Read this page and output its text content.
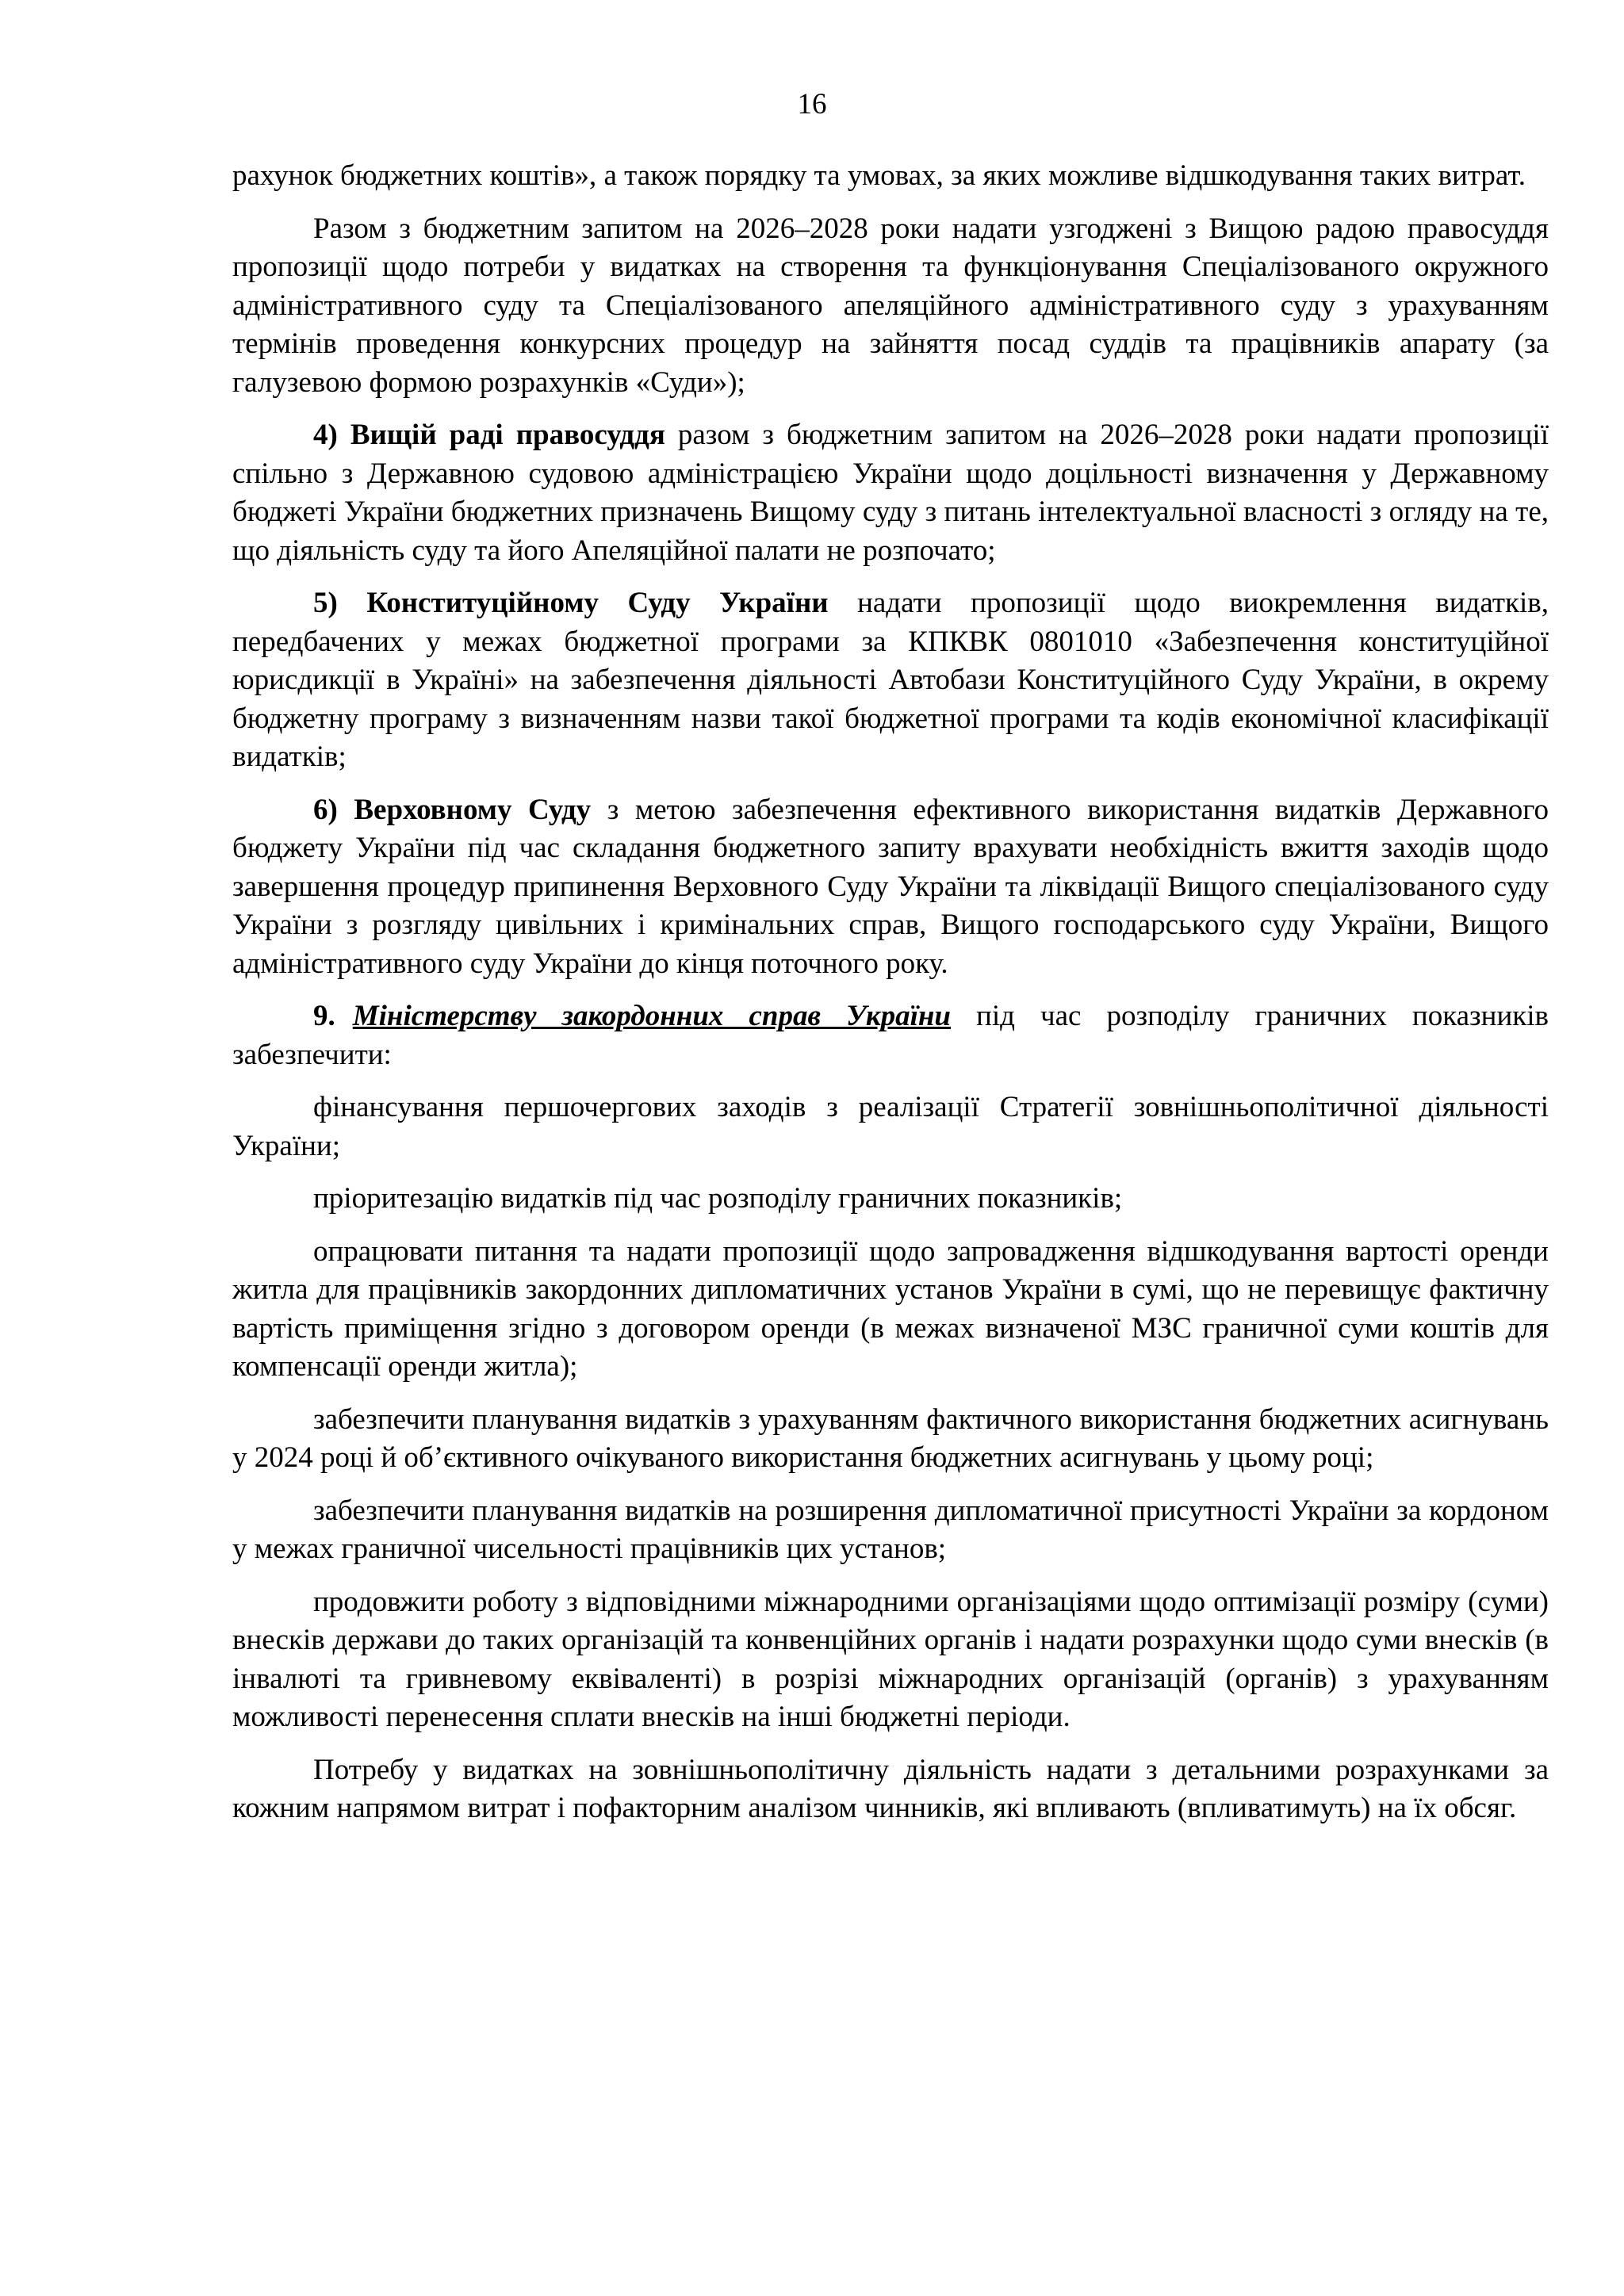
16

рахунок бюджетних коштів», а також порядку та умовах, за яких можливе відшкодування таких витрат.

Разом з бюджетним запитом на 2026–2028 роки надати узгоджені з Вищою радою правосуддя пропозиції щодо потреби у видатках на створення та функціонування Спеціалізованого окружного адміністративного суду та Спеціалізованого апеляційного адміністративного суду з урахуванням термінів проведення конкурсних процедур на зайняття посад суддів та працівників апарату (за галузевою формою розрахунків «Суди»);

4) Вищій раді правосуддя разом з бюджетним запитом на 2026–2028 роки надати пропозиції спільно з Державною судовою адміністрацією України щодо доцільності визначення у Державному бюджеті України бюджетних призначень Вищому суду з питань інтелектуальної власності з огляду на те, що діяльність суду та його Апеляційної палати не розпочато;

5) Конституційному Суду України надати пропозиції щодо виокремлення видатків, передбачених у межах бюджетної програми за КПКВК 0801010 «Забезпечення конституційної юрисдикції в Україні» на забезпечення діяльності Автобази Конституційного Суду України, в окрему бюджетну програму з визначенням назви такої бюджетної програми та кодів економічної класифікації видатків;

6) Верховному Суду з метою забезпечення ефективного використання видатків Державного бюджету України під час складання бюджетного запиту врахувати необхідність вжиття заходів щодо завершення процедур припинення Верховного Суду України та ліквідації Вищого спеціалізованого суду України з розгляду цивільних і кримінальних справ, Вищого господарського суду України, Вищого адміністративного суду України до кінця поточного року.

9. Міністерству закордонних справ України під час розподілу граничних показників забезпечити:

фінансування першочергових заходів з реалізації Стратегії зовнішньополітичної діяльності України;

пріоритезацію видатків під час розподілу граничних показників;

опрацювати питання та надати пропозиції щодо запровадження відшкодування вартості оренди житла для працівників закордонних дипломатичних установ України в сумі, що не перевищує фактичну вартість приміщення згідно з договором оренди (в межах визначеної МЗС граничної суми коштів для компенсації оренди житла);

забезпечити планування видатків з урахуванням фактичного використання бюджетних асигнувань у 2024 році й об’єктивного очікуваного використання бюджетних асигнувань у цьому році;

забезпечити планування видатків на розширення дипломатичної присутності України за кордоном у межах граничної чисельності працівників цих установ;

продовжити роботу з відповідними міжнародними організаціями щодо оптимізації розміру (суми) внесків держави до таких організацій та конвенційних органів і надати розрахунки щодо суми внесків (в інвалюті та гривневому еквіваленті) в розрізі міжнародних організацій (органів) з урахуванням можливості перенесення сплати внесків на інші бюджетні періоди.

Потребу у видатках на зовнішньополітичну діяльність надати з детальними розрахунками за кожним напрямом витрат і пофакторним аналізом чинників, які впливають (впливатимуть) на їх обсяг.
